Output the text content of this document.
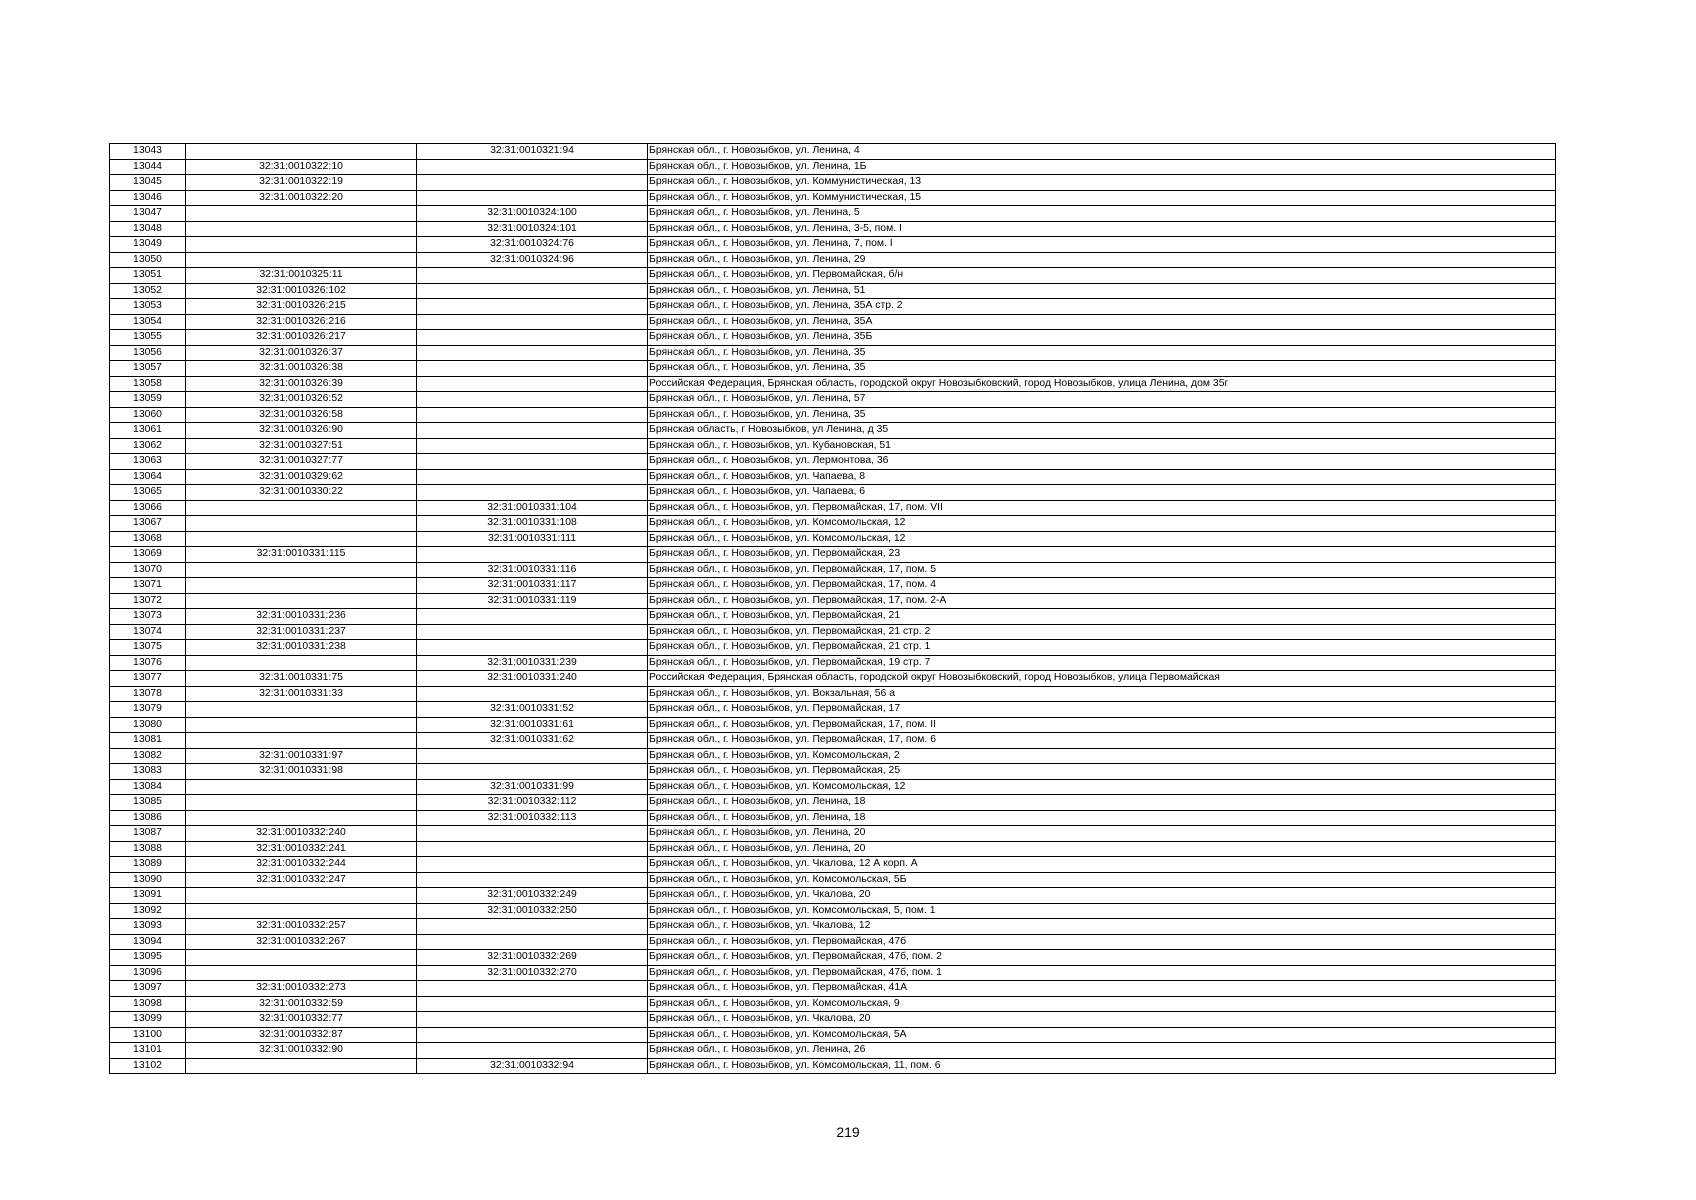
13043		32:31:0010321:94	Брянская обл., г. Новозыбков, ул. Ленина, 4
13044	32:31:0010322:10		Брянская обл., г. Новозыбков, ул. Ленина, 1Б
13045	32:31:0010322:19		Брянская обл., г. Новозыбков, ул. Коммунистическая, 13
13046	32:31:0010322:20		Брянская обл., г. Новозыбков, ул. Коммунистическая, 15
13047		32:31:0010324:100	Брянская обл., г. Новозыбков, ул. Ленина, 5
13048		32:31:0010324:101	Брянская обл., г. Новозыбков, ул. Ленина, 3-5, пом. I
13049		32:31:0010324:76	Брянская обл., г. Новозыбков, ул. Ленина, 7, пом. I
13050		32:31:0010324:96	Брянская обл., г. Новозыбков, ул. Ленина, 29
13051	32:31:0010325:11		Брянская обл., г. Новозыбков, ул. Первомайская, б/н
13052	32:31:0010326:102		Брянская обл., г. Новозыбков, ул. Ленина, 51
13053	32:31:0010326:215		Брянская обл., г. Новозыбков, ул. Ленина, 35А стр. 2
13054	32:31:0010326:216		Брянская обл., г. Новозыбков, ул. Ленина, 35А
13055	32:31:0010326:217		Брянская обл., г. Новозыбков, ул. Ленина, 35Б
13056	32:31:0010326:37		Брянская обл., г. Новозыбков, ул. Ленина, 35
13057	32:31:0010326:38		Брянская обл., г. Новозыбков, ул. Ленина, 35
13058	32:31:0010326:39		Российская Федерация, Брянская область, городской округ Новозыбковский, город Новозыбков, улица Ленина, дом 35г
13059	32:31:0010326:52		Брянская обл., г. Новозыбков, ул. Ленина, 57
13060	32:31:0010326:58		Брянская обл., г. Новозыбков, ул. Ленина, 35
13061	32:31:0010326:90		Брянская область, г Новозыбков, ул Ленина, д 35
13062	32:31:0010327:51		Брянская обл., г. Новозыбков, ул. Кубановская, 51
13063	32:31:0010327:77		Брянская обл., г. Новозыбков, ул. Лермонтова, 36
13064	32:31:0010329:62		Брянская обл., г. Новозыбков, ул. Чапаева, 8
13065	32:31:0010330:22		Брянская обл., г. Новозыбков, ул. Чапаева, 6
13066		32:31:0010331:104	Брянская обл., г. Новозыбков, ул. Первомайская, 17, пом. VII
13067		32:31:0010331:108	Брянская обл., г. Новозыбков, ул. Комсомольская, 12
13068		32:31:0010331:111	Брянская обл., г. Новозыбков, ул. Комсомольская, 12
13069	32:31:0010331:115		Брянская обл., г. Новозыбков, ул. Первомайская, 23
13070		32:31:0010331:116	Брянская обл., г. Новозыбков, ул. Первомайская, 17, пом. 5
13071		32:31:0010331:117	Брянская обл., г. Новозыбков, ул. Первомайская, 17, пом. 4
13072		32:31:0010331:119	Брянская обл., г. Новозыбков, ул. Первомайская, 17, пом. 2-А
13073	32:31:0010331:236		Брянская обл., г. Новозыбков, ул. Первомайская, 21
13074	32:31:0010331:237		Брянская обл., г. Новозыбков, ул. Первомайская, 21 стр. 2
13075	32:31:0010331:238		Брянская обл., г. Новозыбков, ул. Первомайская, 21 стр. 1
13076		32:31:0010331:239	Брянская обл., г. Новозыбков, ул. Первомайская, 19 стр. 7
13077	32:31:0010331:75	32:31:0010331:240	Российская Федерация, Брянская область, городской округ Новозыбковский, город Новозыбков, улица Первомайская
13078	32:31:0010331:33		Брянская обл., г. Новозыбков, ул. Вокзальная, 56 а
13079		32:31:0010331:52	Брянская обл., г. Новозыбков, ул. Первомайская, 17
13080		32:31:0010331:61	Брянская обл., г. Новозыбков, ул. Первомайская, 17, пом. II
13081		32:31:0010331:62	Брянская обл., г. Новозыбков, ул. Первомайская, 17, пом. 6
13082	32:31:0010331:97		Брянская обл., г. Новозыбков, ул. Комсомольская, 2
13083	32:31:0010331:98		Брянская обл., г. Новозыбков, ул. Первомайская, 25
13084		32:31:0010331:99	Брянская обл., г. Новозыбков, ул. Комсомольская, 12
13085		32:31:0010332:112	Брянская обл., г. Новозыбков, ул. Ленина, 18
13086		32:31:0010332:113	Брянская обл., г. Новозыбков, ул. Ленина, 18
13087	32:31:0010332:240		Брянская обл., г. Новозыбков, ул. Ленина, 20
13088	32:31:0010332:241		Брянская обл., г. Новозыбков, ул. Ленина, 20
13089	32:31:0010332:244		Брянская обл., г. Новозыбков, ул. Чкалова, 12 А корп. А
13090	32:31:0010332:247		Брянская обл., г. Новозыбков, ул. Комсомольская, 5Б
13091		32:31:0010332:249	Брянская обл., г. Новозыбков, ул. Чкалова, 20
13092		32:31:0010332:250	Брянская обл., г. Новозыбков, ул. Комсомольская, 5, пом. 1
13093	32:31:0010332:257		Брянская обл., г. Новозыбков, ул. Чкалова, 12
13094	32:31:0010332:267		Брянская обл., г. Новозыбков, ул. Первомайская, 47б
13095		32:31:0010332:269	Брянская обл., г. Новозыбков, ул. Первомайская, 47б, пом. 2
13096		32:31:0010332:270	Брянская обл., г. Новозыбков, ул. Первомайская, 47б, пом. 1
13097	32:31:0010332:273		Брянская обл., г. Новозыбков, ул. Первомайская, 41А
13098	32:31:0010332:59		Брянская обл., г. Новозыбков, ул. Комсомольская, 9
13099	32:31:0010332:77		Брянская обл., г. Новозыбков, ул. Чкалова, 20
13100	32:31:0010332:87		Брянская обл., г. Новозыбков, ул. Комсомольская, 5А
13101	32:31:0010332:90		Брянская обл., г. Новозыбков, ул. Ленина, 26
13102		32:31:0010332:94	Брянская обл., г. Новозыбков, ул. Комсомольская, 11, пом. 6
219
